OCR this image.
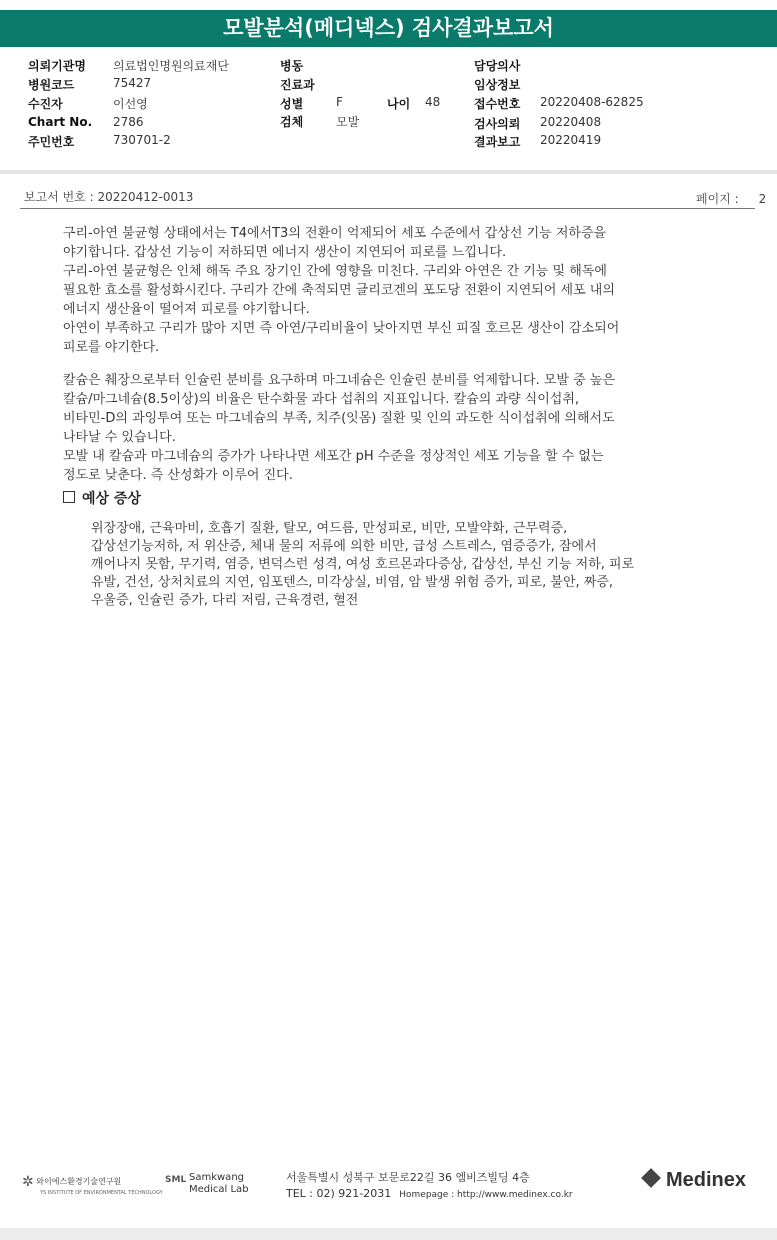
모발분석(메디넥스) 검사결과보고서
의뢰기관명 의료법인명원의료재단
병원코드	75427
수진자	이선영
Chart No. 2786
주민번호	730701-2
병동
진료과
성별	F	나이 48
검체	모발
담당의사
임상정보
접수번호 20220408-62825
검사의뢰 20220408
결과보고 20220419
보고서 번호 : 20220412-0013	페이지 : 2
구리-아연 불균형 상태에서는 T4에서T3의 전환이 억제되어 세포 수준에서 갑상선 기능 저하증을
야기합니다. 갑상선 기능이 저하되면 에너지 생산이 지연되어 피로를 느낍니다.
구리-아연 불균형은 인체 해독 주요 장기인 간에 영향을 미친다. 구리와 아연은 간 기능 및 해독에
필요한 효소를 활성화시킨다. 구리가 간에 축적되면 글리코겐의 포도당 전환이 지연되어 세포 내의
에너지 생산율이 떨어져 피로를 야기합니다.
아연이 부족하고 구리가 많아 지면 즉 아연/구리비율이 낮아지면 부신 피질 호르몬 생산이 감소되어
피로를 야기한다.
칼슘은 췌장으로부터 인슐린 분비를 요구하며 마그네슘은 인슐린 분비를 억제합니다. 모발 중 높은
칼슘/마그네슘(8.5이상)의 비율은 탄수화물 과다 섭취의 지표입니다. 칼슘의 과량 식이섭취,
비타민-D의 과잉투여 또는 마그네슘의 부족, 치주(잇몸) 질환 및 인의 과도한 식이섭취에 의해서도
나타날 수 있습니다.
모발 내 칼슘과 마그네슘의 증가가 나타나면 세포간 pH 수준을 정상적인 세포 기능을 할 수 없는
정도로 낮춘다. 즉 산성화가 이루어 진다.
예상 증상
위장장애, 근육마비, 호흡기 질환, 탈모, 여드름, 만성피로, 비만, 모발약화, 근무력증,
갑상선기능저하, 저 위산증, 체내 물의 저류에 의한 비만, 급성 스트레스, 염증증가, 잠에서
깨어나지 못함, 무기력, 염증, 변덕스런 성격, 여성 호르몬과다증상, 갑상선, 부신 기능 저하, 피로
유발, 건선, 상처치료의 지연, 임포텐스, 미각상실, 비염, 암 발생 위험 증가, 피로, 불안, 짜증,
우울증, 인슐린 증가, 다리 저림, 근육경련, 혈전
✲ 와이에스환경기술연구원
YS INSTITUTE OF ENVIRONMENTAL TECHNOLOGY
SML Samkwang
Medical Lab
서울특별시 성북구 보문로22길 36 엠비즈빌딩 4층
TEL : 02) 921-2031 Homepage : http://www.medinex.co.kr
Medinex
